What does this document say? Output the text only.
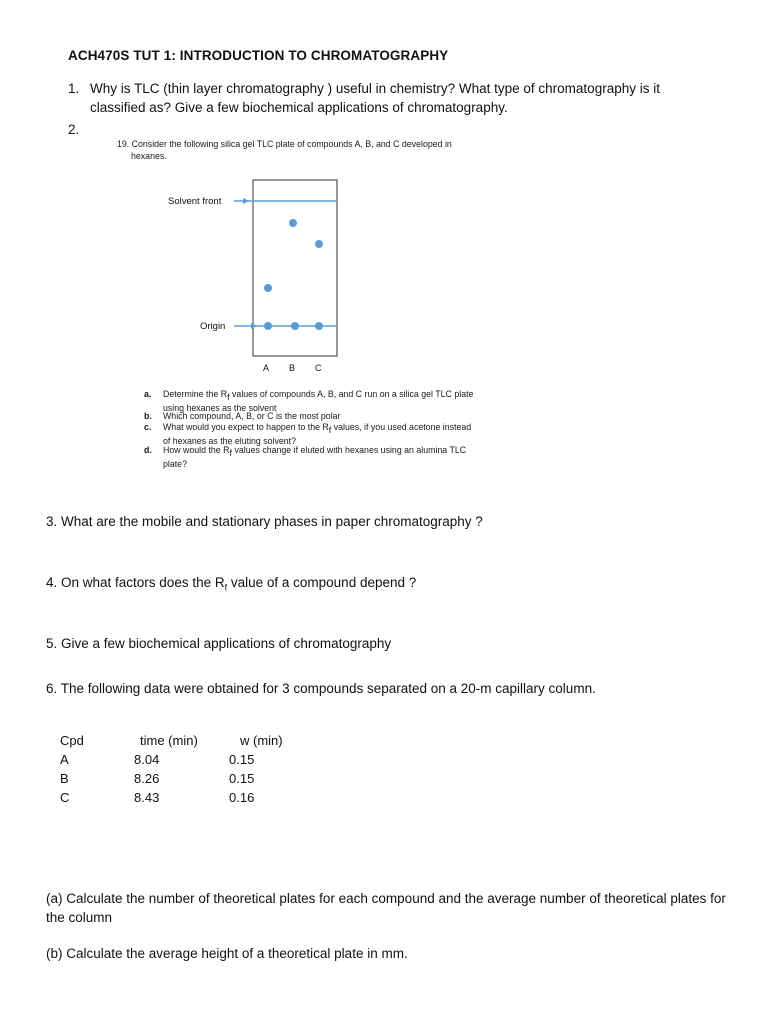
ACH470S TUT 1: INTRODUCTION TO CHROMATOGRAPHY
1. Why is TLC (thin layer chromatography ) useful in chemistry? What type of chromatography is it classified as? Give a few biochemical applications of chromatography.
2.
19. Consider the following silica gel TLC plate of compounds A, B, and C developed in
hexanes.
Solvent front
Origin
A B C
a. Determine the $R_f$ values of compounds A, B, and C run on a silica gel TLC plate
using hexanes as the solvent
b. Which compound, A, B, or C is the most polar
c. What would you expect to happen to the $R_f$ values, if you used acetone instead
of hexanes as the eluting solvent?
d. How would the $R_f$ values change if eluted with hexanes using an alumina TLC
plate?
3. What are the mobile and stationary phases in paper chromatography ?
4. On what factors does the $R_f$ value of a compound depend ?
5. Give a few biochemical applications of chromatography
6. The following data were obtained for 3 compounds separated on a 20-m capillary column.
Cpd
A
B
C
time (min)
8.04
8.26
8.43
w (min)
0.15
0.15
0.16
(a) Calculate the number of theoretical plates for each compound and the average number of theoretical plates for the column
(b) Calculate the average height of a theoretical plate in mm.
